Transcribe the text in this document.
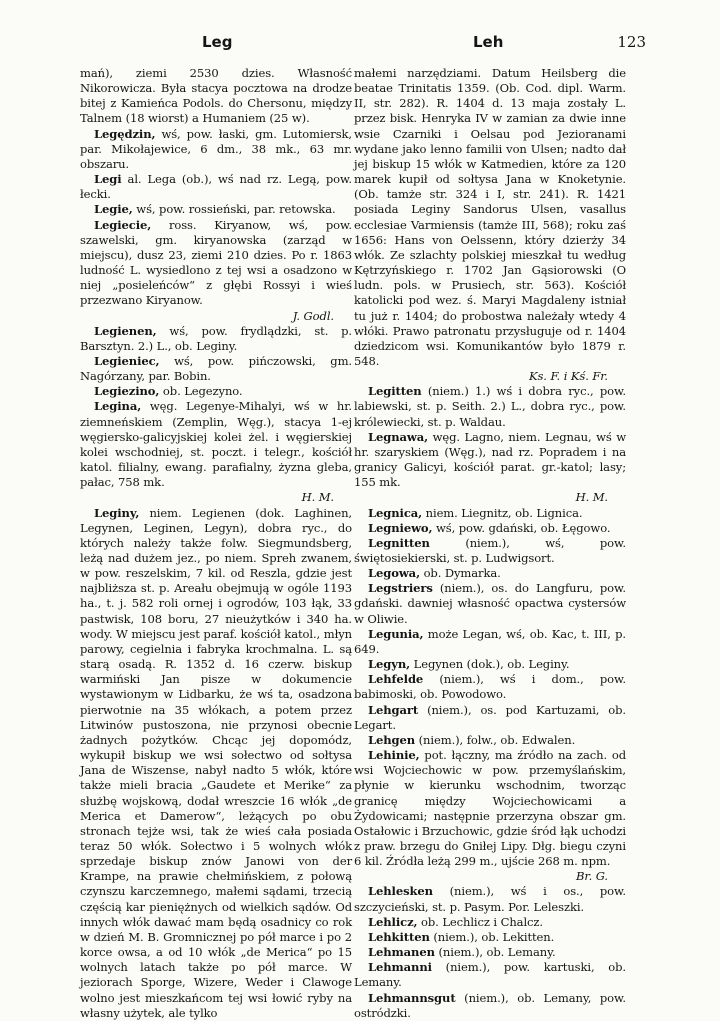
Leg	Leh	123

mań), ziemi 2530 dzies. Własność Nikorowicza. Była stacya pocztowa na drodze bitej z Kamieńca Podols. do Chersonu, między Talnem (18 wiorst) a Humaniem (25 w).

Legędzin, wś, pow. łaski, gm. Lutomiersk, par. Mikołajewice, 6 dm., 38 mk., 63 mr. obszaru.

Legi al. Lega (ob.), wś nad rz. Legą, pow. łecki.

Legie, wś, pow. rossieński, par. retowska.

Legiecie, ross. Kiryanow, wś, pow. szawelski, gm. kiryanowska (zarząd w miejscu), dusz 23, ziemi 210 dzies. Po r. 1863 ludność L. wysiedlono z tej wsi a osadzono w niej „posieleńców“ z głębi Rossyi i wieś przezwano Kiryanow.
J. Godl.

Legienen, wś, pow. frydlądzki, st. p. Barsztyn. 2.) L., ob. Leginy.

Legieniec, wś, pow. pińczowski, gm. Nagórzany, par. Bobin.

Legiezino, ob. Legezyno.

Legina, węg. Legenye-Mihalyi, wś w hr. ziemneńskiem (Zemplin, Węg.), stacya 1-ej węgiersko-galicyjskiej kolei żel. i węgierskiej kolei wschodniej, st. poczt. i telegr., kościół katol. filialny, ewang. parafialny, żyzna gleba, pałac, 758 mk.
H. M.

Leginy, niem. Legienen (dok. Laghinen, Legynen, Leginen, Legyn), dobra ryc., do których należy także folw. Siegmundsberg, leżą nad dużem jez., po niem. Spreh zwanem, w pow. reszelskim, 7 kil. od Reszla, gdzie jest najbliższa st. p. Areału obejmują w ogóle 1193 ha., t. j. 582 roli ornej i ogrodów, 103 łąk, 33 pastwisk, 108 boru, 27 nieużytków i 340 ha. wody. W miejscu jest paraf. kościół katol., młyn parowy, cegielnia i fabryka krochmalna. L. są starą osadą. R. 1352 d. 16 czerw. biskup warmiński Jan pisze w dokumencie wystawionym w Lidbarku, że wś ta, osadzona pierwotnie na 35 włókach, a potem przez Litwinów pustoszona, nie przynosi obecnie żadnych pożytków. Chcąc jej dopomódz, wykupił biskup we wsi sołectwo od sołtysa Jana de Wiszense, nabył nadto 5 włók, które także mieli bracia „Gaudete et Merike“ za służbę wojskową, dodał wreszcie 16 włók „de Merica et Damerow“, leżących po obu stronach tejże wsi, tak że wieś cała posiada teraz 50 włók. Sołectwo i 5 wolnych włók sprzedaje biskup znów Janowi von der Krampe, na prawie chełmińskiem, z połową czynszu karczemnego, małemi sądami, trzecią częścią kar pieniężnych od wielkich sądów. Od innych włók dawać mam będą osadnicy co rok w dzień M. B. Gromnicznej po pół marce i po 2 korce owsa, a od 10 włók „de Merica“ po 15 wolnych latach także po pół marce. W jeziorach Sporge, Wizere, Weder i Clawoge wolno jest mieszkańcom tej wsi łowić ryby na własny użytek, ale tylko

małemi narzędziami. Datum Heilsberg die beatae Trinitatis 1359. (Ob. Cod. dipl. Warm. II, str. 282). R. 1404 d. 13 maja zostały L. przez bisk. Henryka IV w zamian za dwie inne wsie Czarniki i Oelsau pod Jezioranami wydane jako lenno familii von Ulsen; nadto dał jej biskup 15 włók w Katmedien, które za 120 marek kupił od sołtysa Jana w Knoketynie. (Ob. tamże str. 324 i I, str. 241). R. 1421 posiada Leginy Sandorus Ulsen, vasallus ecclesiae Varmiensis (tamże III, 568); roku zaś 1656: Hans von Oelssenn, który dzierży 34 włók. Ze szlachty polskiej mieszkał tu według Kętrzyńskiego r. 1702 Jan Gąsiorowski (O ludn. pols. w Prusiech, str. 563). Kościół katolicki pod wez. ś. Maryi Magdaleny istniał tu już r. 1404; do probostwa należały wtedy 4 włóki. Prawo patronatu przysługuje od r. 1404 dziedzicom wsi. Komunikantów było 1879 r. 548.
Ks. F. i Kś. Fr.

Legitten (niem.) 1.) wś i dobra ryc., pow. labiewski, st. p. Seith. 2.) L., dobra ryc., pow. królewiecki, st. p. Waldau.

Legnawa, węg. Lagno, niem. Legnau, wś w hr. szaryskiem (Węg.), nad rz. Popradem i na granicy Galicyi, kościół parat. gr.-katol; lasy; 155 mk.
H. M.

Legnica, niem. Liegnitz, ob. Lignica.

Legniewo, wś, pow. gdański, ob. Łęgowo.

Legnitten	(niem.), wś, pow. świętosiekierski, st. p. Ludwigsort.

Legowa, ob. Dymarka.

Legstriers (niem.), os. do Langfuru, pow. gdański. dawniej własność opactwa cystersów w Oliwie.

Legunia, może Legan, wś, ob. Kac, t. III, p. 649.

Legyn, Legynen (dok.), ob. Leginy.

Lehfelde (niem.), wś i dom., pow. babimoski, ob. Powodowo.

Lehgart (niem.), os. pod Kartuzami, ob. Legart.

Lehgen (niem.), folw., ob. Edwalen.

Lehinie, pot. łączny, ma źródło na zach. od wsi Wojciechowic w pow. przemyślańskim, płynie w kierunku wschodnim, tworząc granicę między Wojciechowicami a Żydowicami; następnie przerzyna obszar gm. Ostałowic i Brzuchowic, gdzie śród łąk uchodzi z praw. brzegu do Gniłej Lipy. Dłg. biegu czyni 6 kil. Źródła leżą 299 m., ujście 268 m. npm.
Br. G.

Lehlesken (niem.), wś i os., pow. szczycieński, st. p. Pasym. Por. Leleszki.

Lehlicz, ob. Lechlicz i Chalcz.

Lehkitten (niem.), ob. Lekitten.

Lehmanen (niem.), ob. Lemany.

Lehmanni (niem.), pow. kartuski, ob. Lemany.

Lehmannsgut (niem.), ob. Lemany, pow. ostródzki.
